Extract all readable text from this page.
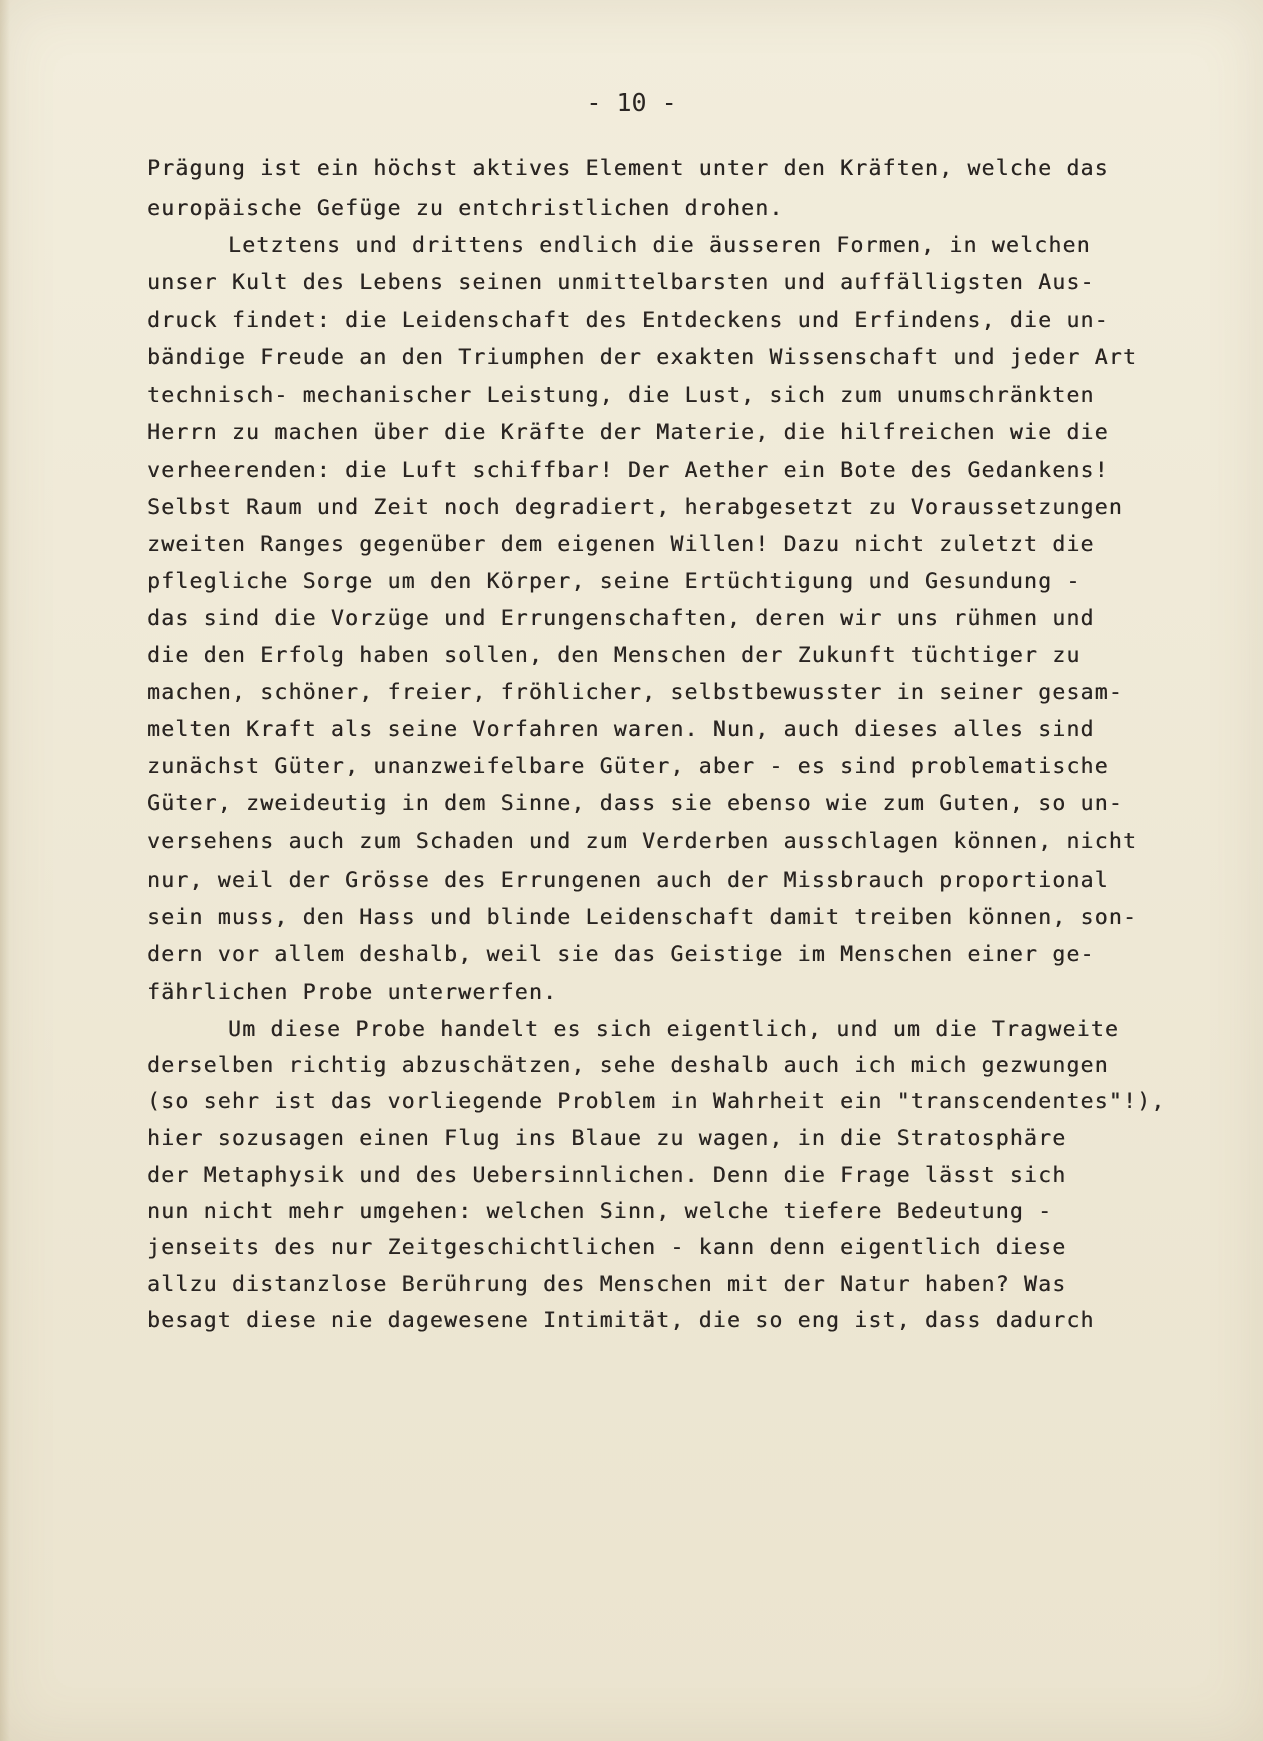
- 10 -

Prägung ist ein höchst aktives Element unter den Kräften, welche das

europäische Gefüge zu entchristlichen drohen.

Letztens und drittens endlich die äusseren Formen, in welchen

unser Kult des Lebens seinen unmittelbarsten und auffälligsten Aus-

druck findet: die Leidenschaft des Entdeckens und Erfindens, die un-

bändige Freude an den Triumphen der exakten Wissenschaft und jeder Art

technisch- mechanischer Leistung, die Lust, sich zum unumschränkten

Herrn zu machen über die Kräfte der Materie, die hilfreichen wie die

verheerenden: die Luft schiffbar! Der Aether ein Bote des Gedankens!

Selbst Raum und Zeit noch degradiert, herabgesetzt zu Voraussetzungen

zweiten Ranges gegenüber dem eigenen Willen! Dazu nicht zuletzt die

pflegliche Sorge um den Körper, seine Ertüchtigung und Gesundung -

das sind die Vorzüge und Errungenschaften, deren wir uns rühmen und

die den Erfolg haben sollen, den Menschen der Zukunft tüchtiger zu

machen, schöner, freier, fröhlicher, selbstbewusster in seiner gesam-

melten Kraft als seine Vorfahren waren. Nun, auch dieses alles sind

zunächst Güter, unanzweifelbare Güter, aber - es sind problematische

Güter, zweideutig in dem Sinne, dass sie ebenso wie zum Guten, so un-

versehens auch zum Schaden und zum Verderben ausschlagen können, nicht

nur, weil der Grösse des Errungenen auch der Missbrauch proportional

sein muss, den Hass und blinde Leidenschaft damit treiben können, son-

dern vor allem deshalb, weil sie das Geistige im Menschen einer ge-

fährlichen Probe unterwerfen.

Um diese Probe handelt es sich eigentlich, und um die Tragweite

derselben richtig abzuschätzen, sehe deshalb auch ich mich gezwungen

(so sehr ist das vorliegende Problem in Wahrheit ein "transcendentes"!),

hier sozusagen einen Flug ins Blaue zu wagen, in die Stratosphäre

der Metaphysik und des Uebersinnlichen. Denn die Frage lässt sich

nun nicht mehr umgehen: welchen Sinn, welche tiefere Bedeutung -

jenseits des nur Zeitgeschichtlichen - kann denn eigentlich diese

allzu distanzlose Berührung des Menschen mit der Natur haben? Was

besagt diese nie dagewesene Intimität, die so eng ist, dass dadurch
